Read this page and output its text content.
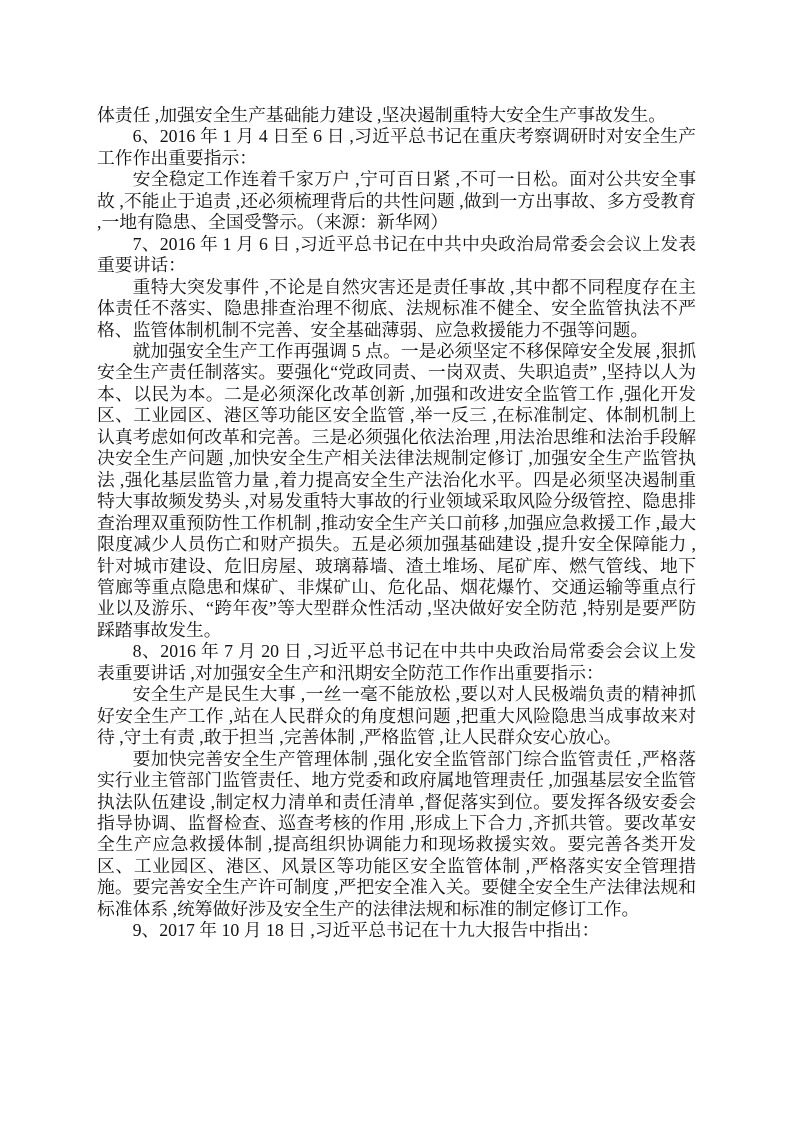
体责任 ,加强安全生产基础能力建设 ,坚决遏制重特大安全生产事故发生。

6、2016 年 1 月 4 日至 6 日 ,习近平总书记在重庆考察调研时对安全生产工作作出重要指示：

安全稳定工作连着千家万户 ,宁可百日紧 ,不可一日松。面对公共安全事故 ,不能止于追责 ,还必须梳理背后的共性问题 ,做到一方出事故、多方受教育 ,一地有隐患、全国受警示。（来源：新华网）

7、2016 年 1 月 6 日 ,习近平总书记在中共中央政治局常委会会议上发表重要讲话：

重特大突发事件 ,不论是自然灾害还是责任事故 ,其中都不同程度存在主体责任不落实、隐患排查治理不彻底、法规标准不健全、安全监管执法不严格、监管体制机制不完善、安全基础薄弱、应急救援能力不强等问题。

就加强安全生产工作再强调 5 点。一是必须坚定不移保障安全发展 ,狠抓安全生产责任制落实。要强化“党政同责、一岗双责、失职追责” ,坚持以人为本、以民为本。二是必须深化改革创新 ,加强和改进安全监管工作 ,强化开发区、工业园区、港区等功能区安全监管 ,举一反三 ,在标准制定、体制机制上认真考虑如何改革和完善。三是必须强化依法治理 ,用法治思维和法治手段解决安全生产问题 ,加快安全生产相关法律法规制定修订 ,加强安全生产监管执法 ,强化基层监管力量 ,着力提高安全生产法治化水平。四是必须坚决遏制重特大事故频发势头 ,对易发重特大事故的行业领域采取风险分级管控、隐患排查治理双重预防性工作机制 ,推动安全生产关口前移 ,加强应急救援工作 ,最大限度减少人员伤亡和财产损失。五是必须加强基础建设 ,提升安全保障能力 ,针对城市建设、危旧房屋、玻璃幕墙、渣土堆场、尾矿库、燃气管线、地下管廊等重点隐患和煤矿、非煤矿山、危化品、烟花爆竹、交通运输等重点行业以及游乐、“跨年夜”等大型群众性活动 ,坚决做好安全防范 ,特别是要严防踩踏事故发生。

8、2016 年 7 月 20 日 ,习近平总书记在中共中央政治局常委会会议上发表重要讲话 ,对加强安全生产和汛期安全防范工作作出重要指示：

安全生产是民生大事 ,一丝一毫不能放松 ,要以对人民极端负责的精神抓好安全生产工作 ,站在人民群众的角度想问题 ,把重大风险隐患当成事故来对待 ,守土有责 ,敢于担当 ,完善体制 ,严格监管 ,让人民群众安心放心。

要加快完善安全生产管理体制 ,强化安全监管部门综合监管责任 ,严格落实行业主管部门监管责任、地方党委和政府属地管理责任 ,加强基层安全监管执法队伍建设 ,制定权力清单和责任清单 ,督促落实到位。要发挥各级安委会指导协调、监督检查、巡查考核的作用 ,形成上下合力 ,齐抓共管。要改革安全生产应急救援体制 ,提高组织协调能力和现场救援实效。要完善各类开发区、工业园区、港区、风景区等功能区安全监管体制 ,严格落实安全管理措施。要完善安全生产许可制度 ,严把安全准入关。要健全安全生产法律法规和标准体系 ,统筹做好涉及安全生产的法律法规和标准的制定修订工作。

9、2017 年 10 月 18 日 ,习近平总书记在十九大报告中指出：
